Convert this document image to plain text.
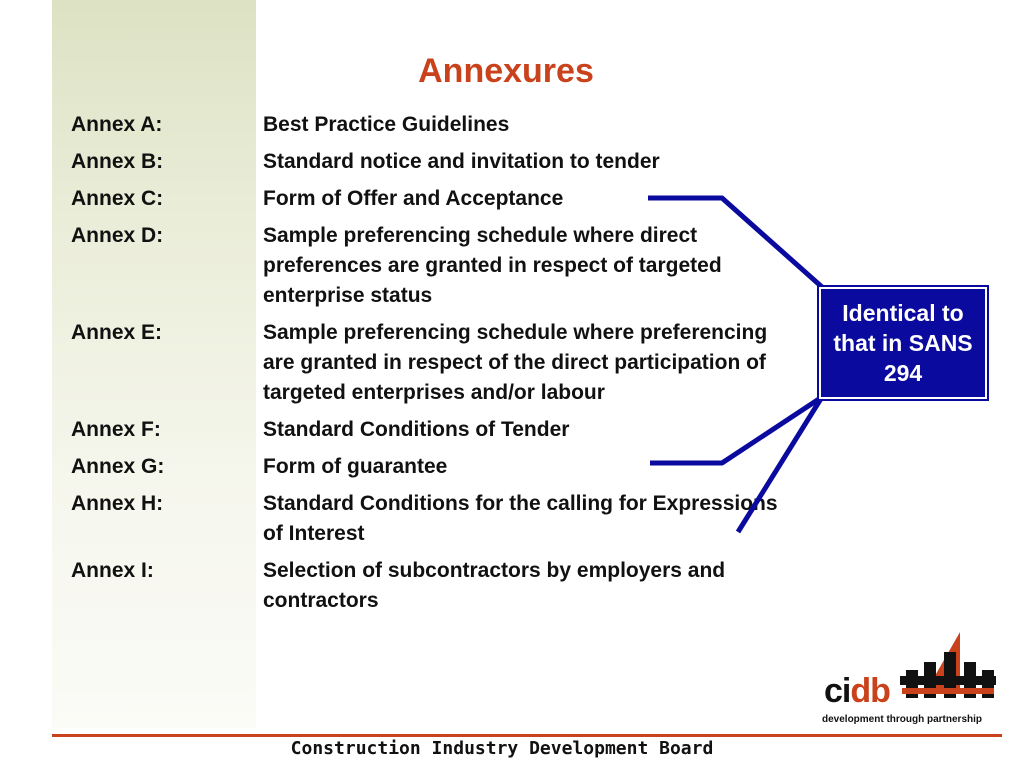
Annexures
Annex A:	Best Practice Guidelines
Annex B:	Standard notice and invitation to tender
Annex C:	Form of Offer and Acceptance
Annex D:	Sample preferencing schedule where direct preferences are granted in respect of targeted enterprise status
Annex E:	Sample preferencing schedule where preferencing are granted in respect of the direct participation of targeted enterprises and/or labour
Annex F:	Standard Conditions of Tender
Annex G:	Form of guarantee
Annex H:	Standard Conditions for the calling for Expressions of Interest
Annex I:	Selection of subcontractors by employers and contractors
Identical to that in SANS 294
cidb
development through partnership
Construction Industry Development Board
